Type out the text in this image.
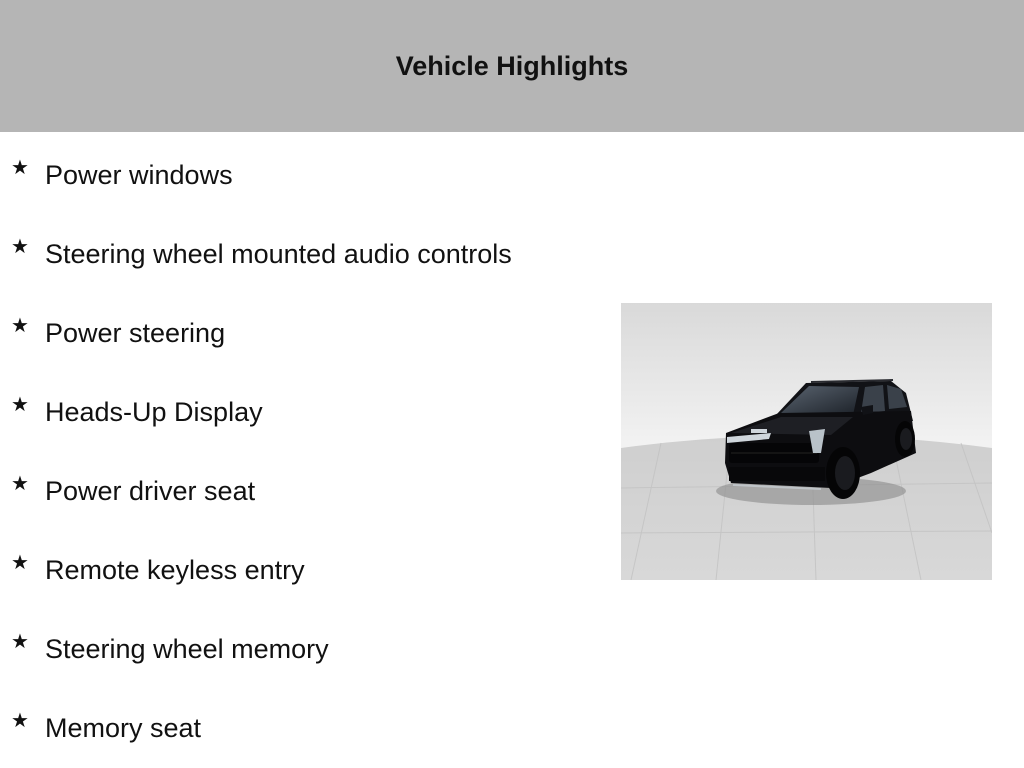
Vehicle Highlights
★ Power windows
★ Steering wheel mounted audio controls
★ Power steering
★ Heads-Up Display
★ Power driver seat
★ Remote keyless entry
★ Steering wheel memory
★ Memory seat
